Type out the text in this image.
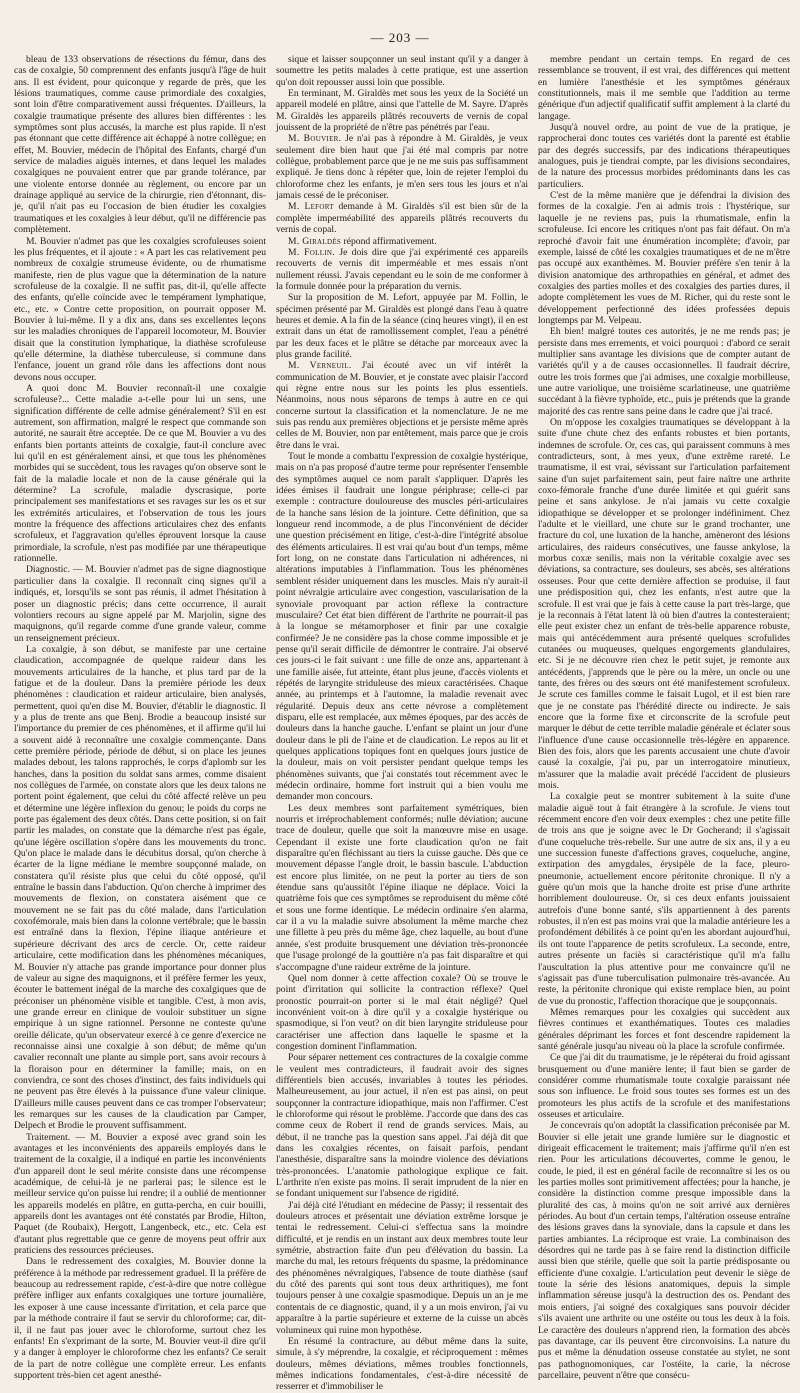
— 203 —

bleau de 133 observations de résections du fémur, dans des cas de coxalgie, 50 comprennent des enfants jusqu'à l'âge de huit ans. Il est évident, pour quiconque y regarde de près, que les lésions traumatiques, comme cause primordiale des coxalgies, sont loin d'être comparativement aussi fréquentes. D'ailleurs, la coxalgie traumatique présente des allures bien différentes : les symptômes sont plus accusés, la marche est plus rapide. Il n'est pas étonnant que cette différence ait échappé à notre collègue; en effet, M. Bouvier, médecin de l'hôpital des Enfants, chargé d'un service de maladies aiguës internes, et dans lequel les malades coxalgiques ne pouvaient entrer que par grande tolérance, par une violente entorse donnée au règlement, ou encore par un drainage appliqué au service de la chirurgie, rien d'étonnant, dis-je, qu'il n'ait pas eu l'occasion de bien étudier les coxalgies traumatiques et les coxalgies à leur début, qu'il ne différencie pas complètement.

M. Bouvier n'admet pas que les coxalgies scrofuleuses soient les plus fréquentes, et il ajoute : « A part les cas relativement peu nombreux de coxalgie strumeuse évidente, ou de rhumatisme manifeste, rien de plus vague que la détermination de la nature scrofuleuse de la coxalgie. Il ne suffit pas, dit-il, qu'elle affecte des enfants, qu'elle coïncide avec le tempérament lymphatique, etc., etc. » Contre cette proposition, on pourrait opposer M. Bouvier à lui-même. Il y a dix ans, dans ses excellentes leçons sur les maladies chroniques de l'appareil locomoteur, M. Bouvier disait que la constitution lymphatique, la diathèse scrofuleuse qu'elle détermine, la diathèse tuberculeuse, si commune dans l'enfance, jouent un grand rôle dans les affections dont nous devons nous occuper.

A quoi donc M. Bouvier reconnaît-il une coxalgie scrofuleuse?... Cette maladie a-t-elle pour lui un sens, une signification différente de celle admise généralement? S'il en est autrement, son affirmation, malgré le respect que commande son autorité, ne saurait être acceptée. De ce que M. Bouvier a vu des enfants bien portants atteints de coxalgie, faut-il conclure avec lui qu'il en est généralement ainsi, et que tous les phénomènes morbides qui se succèdent, tous les ravages qu'on observe sont le fait de la maladie locale et non de la cause générale qui la détermine? La scrofule, maladie dyscrasique, porte principalement ses manifestations et ses ravages sur les os et sur les extrémités articulaires, et l'observation de tous les jours montre la fréquence des affections articulaires chez des enfants scrofuleux, et l'aggravation qu'elles éprouvent lorsque la cause primordiale, la scrofule, n'est pas modifiée par une thérapeutique rationnelle.

Diagnostic. — M. Bouvier n'admet pas de signe diagnostique particulier dans la coxalgie. Il reconnaît cinq signes qu'il a indiqués, et, lorsqu'ils se sont pas réunis, il admet l'hésitation à poser un diagnostic précis; dans cette occurrence, il aurait volontiers recours au signe appelé par M. Marjolin, signe des maquignons, qu'il regarde comme d'une grande valeur, comme un renseignement précieux.

La coxalgie, à son début, se manifeste par une certaine claudication, accompagnée de quelque raideur dans les mouvements articulaires de la hanche, et plus tard par de la fatigue et de la douleur. Dans la première période les deux phénomènes : claudication et raideur articulaire, bien analysés, permettent, quoi qu'en dise M. Bouvier, d'établir le diagnostic. Il y a plus de trente ans que Benj. Brodie a beaucoup insisté sur l'importance du premier de ces phénomènes, et il affirme qu'il lui a souvent aidé à reconnaître une coxalgie commençante. Dans cette première période, période de début, si on place les jeunes malades debout, les talons rapprochés, le corps d'aplomb sur les hanches, dans la position du soldat sans armes, comme disaient nos collègues de l'armée, on constate alors que les deux talons ne portent point également, que celui du côté affecté relève un peu et détermine une légère inflexion du genou; le poids du corps ne porte pas également des deux côtés. Dans cette position, si on fait partir les malades, on constate que la démarche n'est pas égale, qu'une légère oscillation s'opère dans les mouvements du tronc. Qu'on place le malade dans le décubitus dorsal, qu'on cherche à écarter de la ligne médiane le membre soupçonné malade, on constatera qu'il résiste plus que celui du côté opposé, qu'il entraîne le bassin dans l'abduction. Qu'on cherche à imprimer des mouvements de flexion, on constatera aisément que ce mouvement ne se fait pas du côté malade, dans l'articulation coxofémorale, mais bien dans la colonne vertébrale; que le bassin est entraîné dans la flexion, l'épine iliaque antérieure et supérieure décrivant des arcs de cercle. Or, cette raideur articulaire, cette modification dans les phénomènes mécaniques, M. Bouvier n'y attache pas grande importance pour donner plus de valeur au signe des maquignons, et il préfère fermer les yeux, écouter le battement inégal de la marche des coxalgiques que de préconiser un phénomène visible et tangible. C'est, à mon avis, une grande erreur en clinique de vouloir substituer un signe empirique à un signe rationnel. Personne ne conteste qu'une oreille délicate, qu'un observateur exercé à ce genre d'exercice ne reconnaisse ainsi une coxalgie à son début; de même qu'un cavalier reconnaît une plante au simple port, sans avoir recours à la floraison pour en déterminer la famille; mais, on en conviendra, ce sont des choses d'instinct, des faits individuels qui ne peuvent pas être élevés à la puissance d'une valeur clinique. D'ailleurs mille causes peuvent dans ce cas tromper l'observateur; les remarques sur les causes de la claudication par Camper, Delpech et Brodie le prouvent suffisamment.

Traitement. — M. Bouvier a exposé avec grand soin les avantages et les inconvénients des appareils employés dans le traitement de la coxalgie, il a indiqué en partie les inconvénients d'un appareil dont le seul mérite consiste dans une récompense académique, de celui-là je ne parlerai pas; le silence est le meilleur service qu'on puisse lui rendre; il a oublié de mentionner les appareils modelés en plâtre, en gutta-percha, en cuir bouilli, appareils dont les avantages ont été constatés par Brodie, Hilton, Paquet (de Roubaix), Hergott, Langenbeck, etc., etc. Cela est d'autant plus regrettable que ce genre de moyens peut offrir aux praticiens des ressources précieuses.

Dans le redressement des coxalgies, M. Bouvier donne la préférence à la méthode par redressement graduel. Il la préfère de beaucoup au redressement rapide, c'est-à-dire que notre collègue préfère infliger aux enfants coxalgiques une torture journalière, les exposer à une cause incessante d'irritation, et cela parce que par la méthode contraire il faut se servir du chloroforme; car, dit-il, il ne faut pas jouer avec le chloroforme, surtout chez les enfants! En s'exprimant de la sorte, M. Bouvier veut-il dire qu'il y a danger à employer le chloroforme chez les enfants? Ce serait de la part de notre collègue une complète erreur. Les enfants supportent très-bien cet agent anesthé-

sique et laisser soupçonner un seul instant qu'il y a danger à soumettre les petits malades à cette pratique, est une assertion qu'on doit repousser aussi loin que possible.

En terminant, M. Giraldès met sous les yeux de la Société un appareil modelé en plâtre, ainsi que l'attelle de M. Sayre. D'après M. Giraldès les appareils plâtrés recouverts de vernis de copal jouissent de la propriété de n'être pas pénétrés par l'eau.

M. Bouvier. Je n'ai pas à répondre à M. Giraldès, je veux seulement dire bien haut que j'ai été mal compris par notre collègue, probablement parce que je ne me suis pas suffisamment expliqué. Je tiens donc à répéter que, loin de rejeter l'emploi du chloroforme chez les enfants, je m'en sers tous les jours et n'ai jamais cessé de le préconiser.

M. Lefort demande à M. Giraldès s'il est bien sûr de la complète imperméabilité des appareils plâtrés recouverts du vernis de copal.

M. Giraldès répond affirmativement.

M. Follin. Je dois dire que j'ai expérimenté ces appareils recouverts de vernis dit imperméable et mes essais n'ont nullement réussi. J'avais cependant eu le soin de me conformer à la formule donnée pour la préparation du vernis.

Sur la proposition de M. Lefort, appuyée par M. Follin, le spécimen présenté par M. Giraldès est plongé dans l'eau à quatre heures et demie. A la fin de la séance (cinq heures vingt), il en est extrait dans un état de ramollissement complet, l'eau a pénétré par les deux faces et le plâtre se détache par morceaux avec la plus grande facilité.

M. Verneuil. J'ai écouté avec un vif intérêt la communication de M. Bouvier, et je constate avec plaisir l'accord qui règne entre nous sur les points les plus essentiels. Néanmoins, nous nous séparons de temps à autre en ce qui concerne surtout la classification et la nomenclature. Je ne me suis pas rendu aux premières objections et je persiste même après celles de M. Bouvier, non par entêtement, mais parce que je crois être dans le vrai.

Tout le monde a combattu l'expression de coxalgie hystérique, mais on n'a pas proposé d'autre terme pour représenter l'ensemble des symptômes auquel ce nom paraît s'appliquer. D'après les idées émises il faudrait une longue périphrase; celle-ci par exemple : contracture douloureuse des muscles péri-articulaires de la hanche sans lésion de la jointure. Cette définition, que sa longueur rend incommode, a de plus l'inconvénient de décider une question précisément en litige, c'est-à-dire l'intégrité absolue des éléments articulaires. Il est vrai qu'au bout d'un temps, même fort long, on ne constate dans l'articulation ni adhérences, ni altérations imputables à l'inflammation. Tous les phénomènes semblent résider uniquement dans les muscles. Mais n'y aurait-il point névralgie articulaire avec congestion, vascularisation de la synoviale provoquant par action réflexe la contracture musculaire? Cet état bien différent de l'arthrite ne pourrait-il pas à la longue se métamorphoser et finir par une coxalgie confirmée? Je ne considère pas la chose comme impossible et je pense qu'il serait difficile de démontrer le contraire. J'ai observé ces jours-ci le fait suivant : une fille de onze ans, appartenant à une famille aisée, fut atteinte, étant plus jeune, d'accès violents et répétés de laryngite striduleuse des mieux caractérisées. Chaque année, au printemps et à l'automne, la maladie revenait avec régularité. Depuis deux ans cette névrose a complètement disparu, elle est remplacée, aux mêmes époques, par des accès de douleurs dans la hanche gauche. L'enfant se plaint un jour d'une douleur dans le pli de l'aine et de claudication. Le repos au lit et quelques applications topiques font en quelques jours justice de la douleur, mais on voit persister pendant quelque temps les phénomènes suivants, que j'ai constatés tout récemment avec le médecin ordinaire, homme fort instruit qui a bien voulu me demander mon concours.

Les deux membres sont parfaitement symétriques, bien nourris et irréprochablement conformés; nulle déviation; aucune trace de douleur, quelle que soit la manœuvre mise en usage. Cependant il existe une forte claudication qu'on ne fait disparaître qu'en fléchissant au tiers la cuisse gauche. Dès que ce mouvement dépasse l'angle droit, le bassin bascule. L'abduction est encore plus limitée, on ne peut la porter au tiers de son étendue sans qu'aussitôt l'épine iliaque ne déplace. Voici la quatrième fois que ces symptômes se reproduisent du même côté et sous une forme identique. Le médecin ordinaire s'en alarma, car il a vu la maladie suivre absolument la même marche chez une fillette à peu près du même âge, chez laquelle, au bout d'une année, s'est produite brusquement une déviation très-prononcée que l'usage prolongé de la gouttière n'a pas fait disparaître et qui s'accompagne d'une raideur extrême de la jointure.

Quel nom donner à cette affection coxale? Où se trouve le point d'irritation qui sollicite la contraction réflexe? Quel pronostic pourrait-on porter si le mal était négligé? Quel inconvénient voit-on à dire qu'il y a coxalgie hystérique ou spasmodique, si l'on veut? on dit bien laryngite striduleuse pour caractériser une affection dans laquelle le spasme et la congestion dominent l'inflammation.

Pour séparer nettement ces contractures de la coxalgie comme le veulent mes contradicteurs, il faudrait avoir des signes différentiels bien accusés, invariables à toutes les périodes. Malheureusement, au jour actuel, il n'en est pas ainsi, on peut soupçonner la contracture idiopathique, mais non l'affirmer. C'est le chloroforme qui résout le problème. J'accorde que dans des cas comme ceux de Robert il rend de grands services. Mais, au début, il ne tranche pas la question sans appel. J'ai déjà dit que dans les coxalgies récentes, on faisait parfois, pendant l'anesthésie, disparaître sans la moindre violence des déviations très-prononcées. L'anatomie pathologique explique ce fait. L'arthrite n'en existe pas moins. Il serait imprudent de la nier en se fondant uniquement sur l'absence de rigidité.

J'ai déjà cité l'étudiant en médecine de Passy; il ressentait des douleurs atroces et présentait une déviation extrême lorsque je tentai le redressement. Celui-ci s'effectua sans la moindre difficulté, et je rendis en un instant aux deux membres toute leur symétrie, abstraction faite d'un peu d'élévation du bassin. La marche du mal, les retours fréquents du spasme, la prédominance des phénomènes névralgiques, l'absence de toute diathèse (sauf du côté des parents qui sont tous deux arthritiques), me font toujours penser à une coxalgie spasmodique. Depuis un an je me contentais de ce diagnostic, quand, il y a un mois environ, j'ai vu apparaître à la partie supérieure et externe de la cuisse un abcès volumineux qui ruine mon hypothèse.

En résumé la contracture, au début même dans la suite, simule, à s'y méprendre, la coxalgie, et réciproquement : mêmes douleurs, mêmes déviations, mêmes troubles fonctionnels, mêmes indications fondamentales, c'est-à-dire nécessité de resserrer et d'immobiliser le

membre pendant un certain temps. En regard de ces ressemblance se trouvent, il est vrai, des différences qui mettent en lumière l'anesthésie et les symptômes généraux constitutionnels, mais il me semble que l'addition au terme générique d'un adjectif qualificatif suffit amplement à la clarté du langage.

Jusqu'à nouvel ordre, au point de vue de la pratique, je rapprocherai donc toutes ces variétés dont la parenté est établie par des degrés successifs, par des indications thérapeutiques analogues, puis je tiendrai compte, par les divisions secondaires, de la nature des processus morbides prédominants dans les cas particuliers.

C'est de la même manière que je défendrai la division des formes de la coxalgie. J'en ai admis trois : l'hystérique, sur laquelle je ne reviens pas, puis la rhumatismale, enfin la scrofuleuse. Ici encore les critiques n'ont pas fait défaut. On m'a reproché d'avoir fait une énumération incomplète; d'avoir, par exemple, laissé de côté les coxalgies traumatiques et de ne m'être pas occupé aux exanthèmes. M. Bouvier préfère s'en tenir à la division anatomique des arthropathies en général, et admet des coxalgies des parties molles et des coxalgies des parties dures, il adopte complètement les vues de M. Richer, qui du reste sont le développement perfectionné des idées professées depuis longtemps par M. Velpeau.

Eh bien! malgré toutes ces autorités, je ne me rends pas; je persiste dans mes errements, et voici pourquoi : d'abord ce serait multiplier sans avantage les divisions que de compter autant de variétés qu'il y a de causes occasionnelles. Il faudrait décrire, outre les trois formes que j'ai admises, une coxalgie morbilleuse, une autre variolique, une troisième scarlatineuse, une quatrième succédant à la fièvre typhoïde, etc., puis je prétends que la grande majorité des cas rentre sans peine dans le cadre que j'ai tracé.

On m'oppose les coxalgies traumatiques se développant à la suite d'une chute chez des enfants robustes et bien portants, indemnes de scrofule. Or, ces cas, qui paraissent communs à mes contradicteurs, sont, à mes yeux, d'une extrême rareté. Le traumatisme, il est vrai, sévissant sur l'articulation parfaitement saine d'un sujet parfaitement sain, peut faire naître une arthrite coxo-fémorale franche d'une durée limitée et qui guérit sans peine et sans ankylose. Je n'ai jamais vu cette coxalgie idiopathique se développer et se prolonger indéfiniment. Chez l'adulte et le vieillard, une chute sur le grand trochanter, une fracture du col, une luxation de la hanche, amèneront des lésions articulaires, des raideurs consécutives, une fausse ankylose, la morbus coxæ senilis, mais non la véritable coxalgie avec ses déviations, sa contracture, ses douleurs, ses abcès, ses altérations osseuses. Pour que cette dernière affection se produise, il faut une prédisposition qui, chez les enfants, n'est autre que la scrofule. Il est vrai que je fais à cette cause la part très-large, que je la reconnais à l'état latent là où bien d'autres la contesteraient; elle peut exister chez un enfant de très-belle apparence robuste, mais qui antécédemment aura présenté quelques scrofulides cutanées ou muqueuses, quelques engorgements glandulaires, etc. Si je ne découvre rien chez le petit sujet, je remonte aux antécédents, j'apprends que le père ou la mère, un oncle ou une tante, des frères ou des sœurs ont été manifestement scrofuleux. Je scrute ces familles comme le faisait Lugol, et il est bien rare que je ne constate pas l'hérédité directe ou indirecte. Je sais encore que la forme fixe et circonscrite de la scrofule peut marquer le début de cette terrible maladie générale et éclater sous l'influence d'une cause occasionnelle très-légère en apparence. Bien des fois, alors que les parents accusaient une chute d'avoir causé la coxalgie, j'ai pu, par un interrogatoire minutieux, m'assurer que la maladie avait précédé l'accident de plusieurs mois.

La coxalgie peut se montrer subitement à la suite d'une maladie aiguë tout à fait étrangère à la scrofule. Je viens tout récemment encore d'en voir deux exemples : chez une petite fille de trois ans que je soigne avec le Dr Gocherand; il s'agissait d'une coqueluche très-rebelle. Sur une autre de six ans, il y a eu une succession funeste d'affections graves, coqueluche, angine, extirpation des amygdales, érysipèle de la face, pleuro-pneumonie, actuellement encore péritonite chronique. Il n'y a guère qu'un mois que la hanche droite est prise d'une arthrite horriblement douloureuse. Or, si ces deux enfants jouissaient autrefois d'une bonne santé, s'ils appartiennent à des parents robustes, il n'en est pas moins vrai que la maladie antérieure les a profondément débilités à ce point qu'en les abordant aujourd'hui, ils ont toute l'apparence de petits scrofuleux. La seconde, entre, autres présente un faciès si caractéristique qu'il m'a fallu l'auscultation la plus attentive pour me convaincre qu'il ne s'agissait pas d'une tuberculisation pulmonaire très-avancée. Au reste, la péritonite chronique qui existe remplace bien, au point de vue du pronostic, l'affection thoracique que je soupçonnais.

Mêmes remarques pour les coxalgies qui succèdent aux fièvres continues et exanthématiques. Toutes ces maladies générales déprimant les forces et font descendre rapidement la santé générale jusqu'au niveau où la place la scrofule confirmée.

Ce que j'ai dit du traumatisme, je le répéterai du froid agissant brusquement ou d'une manière lente; il faut bien se garder de considérer comme rhumatismale toute coxalgie paraissant née sous son influence. Le froid sous toutes ses formes est un des promoteurs les plus actifs de la scrofule et des manifestations osseuses et articulaire.

Je concevrais qu'on adoptât la classification préconisée par M. Bouvier si elle jetait une grande lumière sur le diagnostic et dirigeait efficacement le traitement; mais j'affirme qu'il n'en est rien. Pour les articulations découvertes, comme le genou, le coude, le pied, il est en général facile de reconnaître si les os ou les parties molles sont primitivement affectées; pour la hanche, je considère la distinction comme presque impossible dans la pluralité des cas, à moins qu'on ne soit arrivé aux dernières périodes. Au bout d'un certain temps, l'altération osseuse entraîne des lésions graves dans la synoviale, dans la capsule et dans les parties ambiantes. La réciproque est vraie. La combinaison des désordres qui ne tarde pas à se faire rend la distinction difficile aussi bien que stérile, quelle que soit la partie prédisposante ou efficiente d'une coxalgie. L'articulation peut devenir le siège de toute la série des lésions anatomiques, depuis la simple inflammation séreuse jusqu'à la destruction des os. Pendant des mois entiers, j'ai soigné des coxalgiques sans pouvoir décider s'ils avaient une arthrite ou une ostéite ou tous les deux à la fois. Le caractère des douleurs n'apprend rien, la formation des abcès pas davantage, car ils peuvent être circonvoisins. La nature du pus et même la dénudation osseuse constatée au stylet, ne sont pas pathognomoniques, car l'ostéite, la carie, la nécrose parcellaire, peuvent n'être que consécu-
